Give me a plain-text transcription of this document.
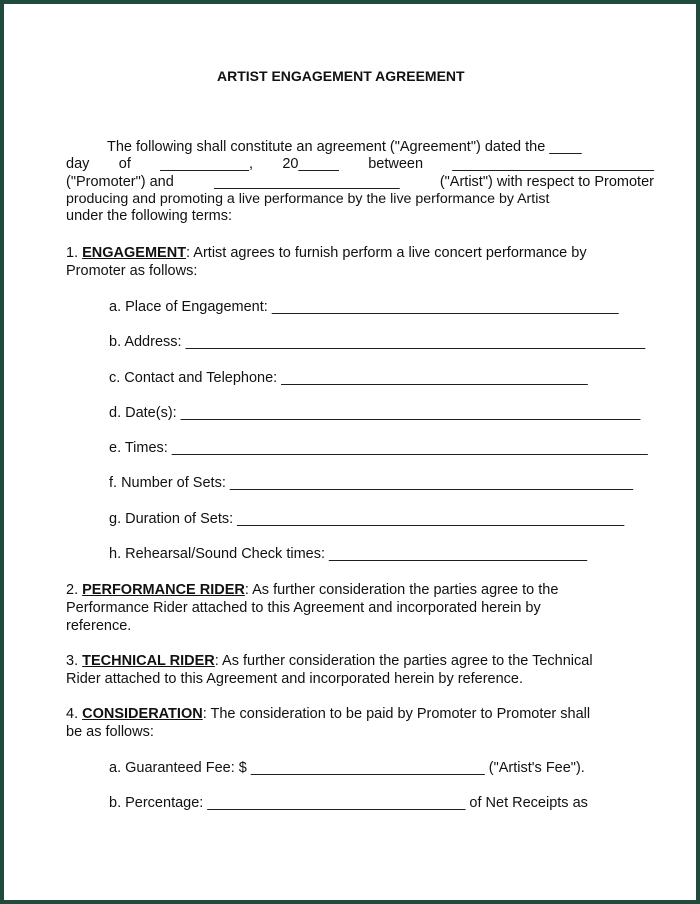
ARTIST ENGAGEMENT AGREEMENT
The following shall constitute an agreement ("Agreement") dated the ____
day of ___________, 20_____ between _________________________
("Promoter") and	_______________________	("Artist") with respect to Promoter
producing and promoting a live performance by the live performance by Artist
under the following terms:
1. ENGAGEMENT: Artist agrees to furnish perform a live concert performance by
Promoter as follows:
a. Place of Engagement: ___________________________________________
b. Address: _________________________________________________________
c. Contact and Telephone: ______________________________________
d. Date(s): _________________________________________________________
e. Times: ___________________________________________________________
f. Number of Sets: __________________________________________________
g. Duration of Sets: ________________________________________________
h. Rehearsal/Sound Check times: ________________________________
2. PERFORMANCE RIDER: As further consideration the parties agree to the
Performance Rider attached to this Agreement and incorporated herein by
reference.
3. TECHNICAL RIDER: As further consideration the parties agree to the Technical
Rider attached to this Agreement and incorporated herein by reference.
4. CONSIDERATION: The consideration to be paid by Promoter to Promoter shall
be as follows:
a. Guaranteed Fee: $ _____________________________ ("Artist's Fee").
b. Percentage: ________________________________ of Net Receipts as
